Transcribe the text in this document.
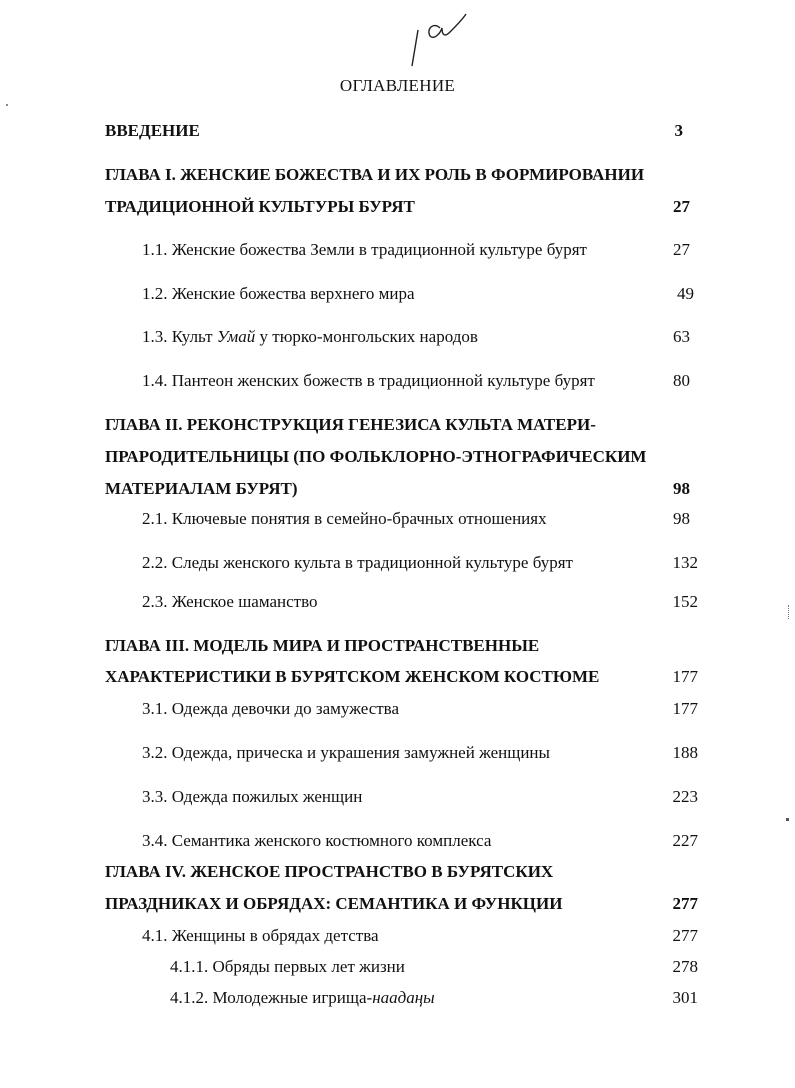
ОГЛАВЛЕНИЕ
ВВЕДЕНИЕ	3
ГЛАВА I. ЖЕНСКИЕ БОЖЕСТВА И ИХ РОЛЬ В ФОРМИРОВАНИИ
ТРАДИЦИОННОЙ КУЛЬТУРЫ БУРЯТ	27
1.1. Женские божества Земли в традиционной культуре бурят	27
1.2. Женские божества верхнего мира	49
1.3. Культ Умай у тюрко-монгольских народов	63
1.4. Пантеон женских божеств в традиционной культуре бурят	80
ГЛАВА II. РЕКОНСТРУКЦИЯ ГЕНЕЗИСА КУЛЬТА МАТЕРИ-
ПРАРОДИТЕЛЬНИЦЫ (ПО ФОЛЬКЛОРНО-ЭТНОГРАФИЧЕСКИМ
МАТЕРИАЛАМ БУРЯТ)	98
2.1. Ключевые понятия в семейно-брачных отношениях	98
2.2. Следы женского культа в традиционной культуре бурят	132
2.3. Женское шаманство	152
ГЛАВА III. МОДЕЛЬ МИРА И ПРОСТРАНСТВЕННЫЕ
ХАРАКТЕРИСТИКИ В БУРЯТСКОМ ЖЕНСКОМ КОСТЮМЕ	177
3.1. Одежда девочки до замужества	177
3.2. Одежда, прическа и украшения замужней женщины	188
3.3. Одежда пожилых женщин	223
3.4. Семантика женского костюмного комплекса	227
ГЛАВА IV. ЖЕНСКОЕ ПРОСТРАНСТВО В БУРЯТСКИХ
ПРАЗДНИКАХ И ОБРЯДАХ: СЕМАНТИКА И ФУНКЦИИ	277
4.1. Женщины в обрядах детства	277
4.1.1. Обряды первых лет жизни	278
4.1.2. Молодежные игрища-наадаңы	301
